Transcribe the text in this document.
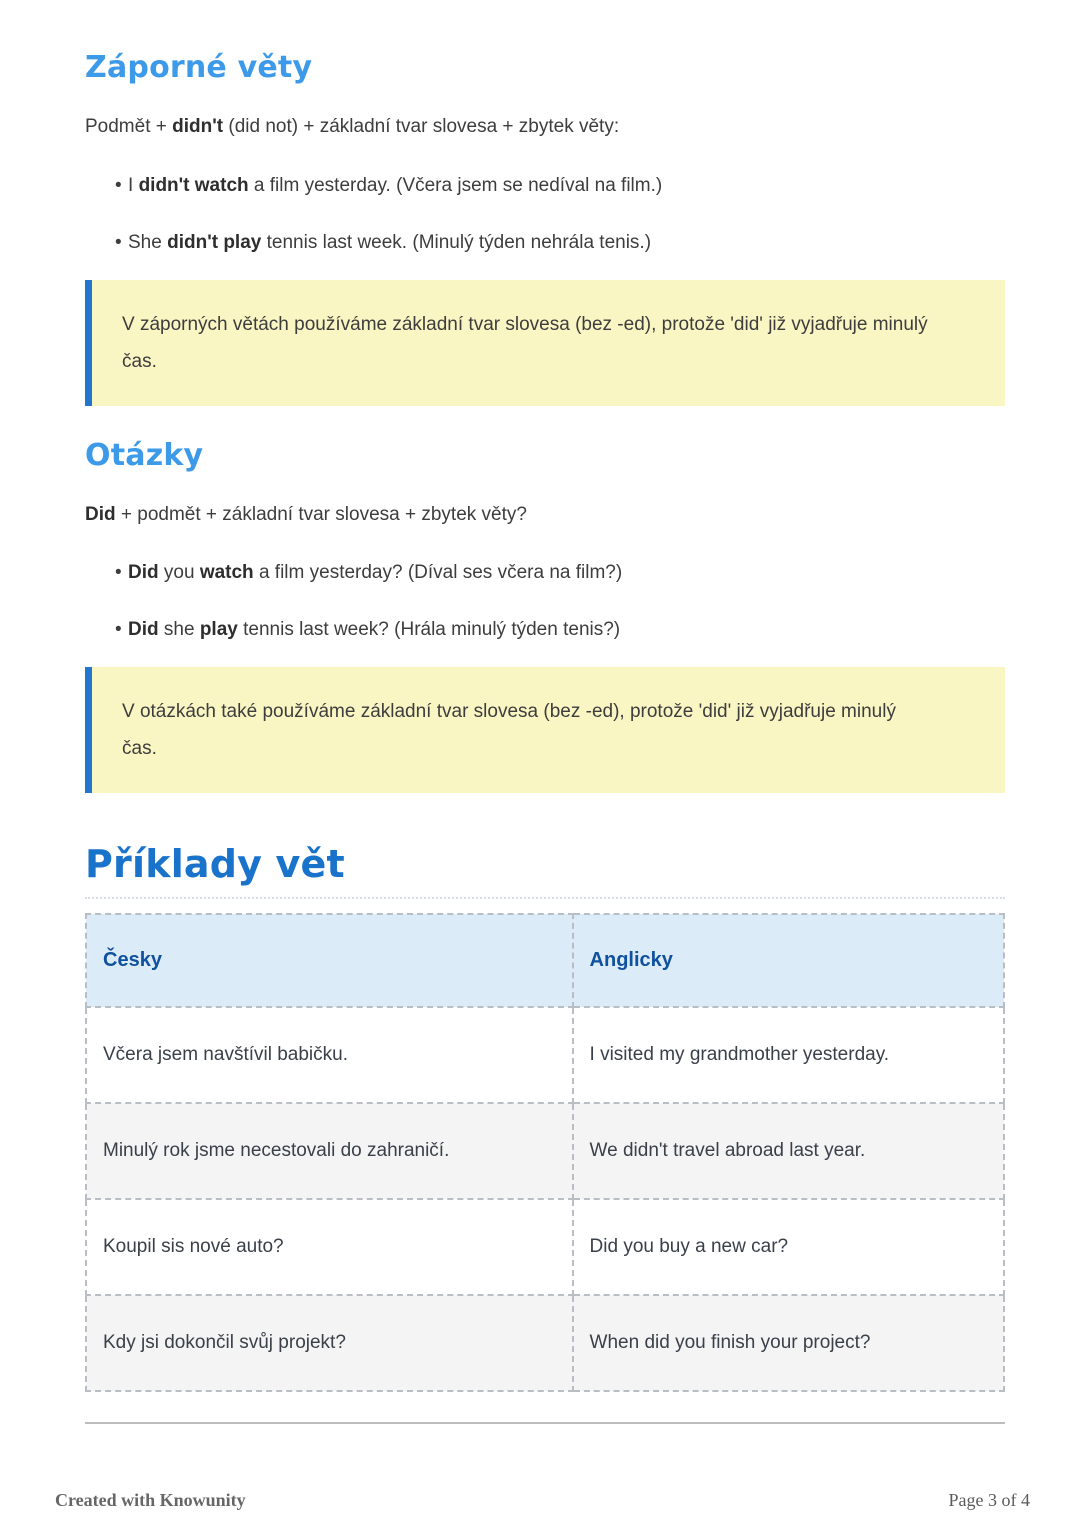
Záporné věty

Podmět + didn't (did not) + základní tvar slovesa + zbytek věty:

• I didn't watch a film yesterday. (Včera jsem se nedíval na film.)
• She didn't play tennis last week. (Minulý týden nehrála tenis.)
V záporných větách používáme základní tvar slovesa (bez -ed), protože 'did' již vyjadřuje minulý čas.
Otázky

Did + podmět + základní tvar slovesa + zbytek věty?

• Did you watch a film yesterday? (Díval ses včera na film?)
• Did she play tennis last week? (Hrála minulý týden tenis?)
V otázkách také používáme základní tvar slovesa (bez -ed), protože 'did' již vyjadřuje minulý čas.
Příklady vět
Česky	Anglicky
Včera jsem navštívil babičku.	I visited my grandmother yesterday.
Minulý rok jsme necestovali do zahraničí.	We didn't travel abroad last year.
Koupil sis nové auto?	Did you buy a new car?
Kdy jsi dokončil svůj projekt?	When did you finish your project?
Created with Knowunity	Page 3 of 4
